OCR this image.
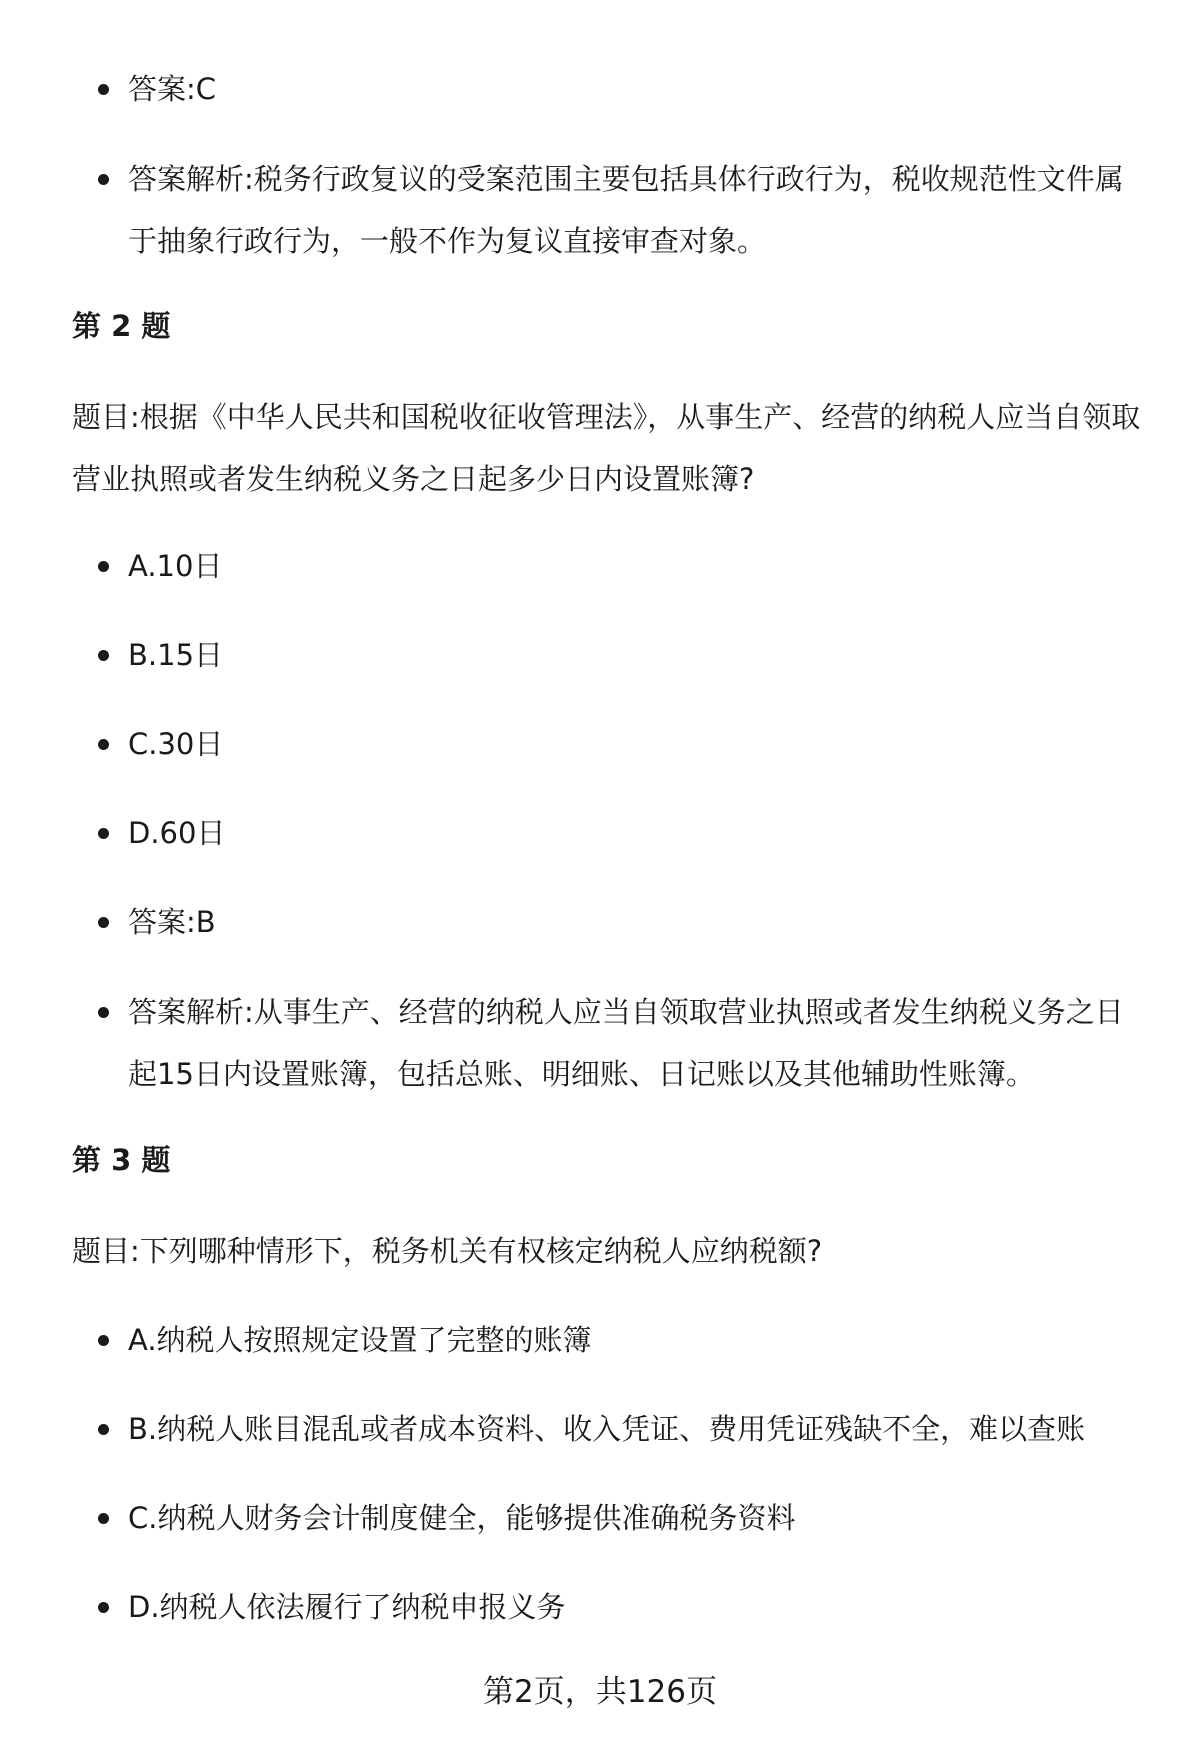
答案:C
答案解析:税务行政复议的受案范围主要包括具体行政行为，税收规范性文件属于抽象行政行为，一般不作为复议直接审查对象。
第 2 题
题目:根据《中华人民共和国税收征收管理法》，从事生产、经营的纳税人应当自领取营业执照或者发生纳税义务之日起多少日内设置账簿?
A.10日
B.15日
C.30日
D.60日
答案:B
答案解析:从事生产、经营的纳税人应当自领取营业执照或者发生纳税义务之日起15日内设置账簿，包括总账、明细账、日记账以及其他辅助性账簿。
第 3 题
题目:下列哪种情形下，税务机关有权核定纳税人应纳税额?
A.纳税人按照规定设置了完整的账簿
B.纳税人账目混乱或者成本资料、收入凭证、费用凭证残缺不全，难以查账
C.纳税人财务会计制度健全，能够提供准确税务资料
D.纳税人依法履行了纳税申报义务
第2页，共126页
